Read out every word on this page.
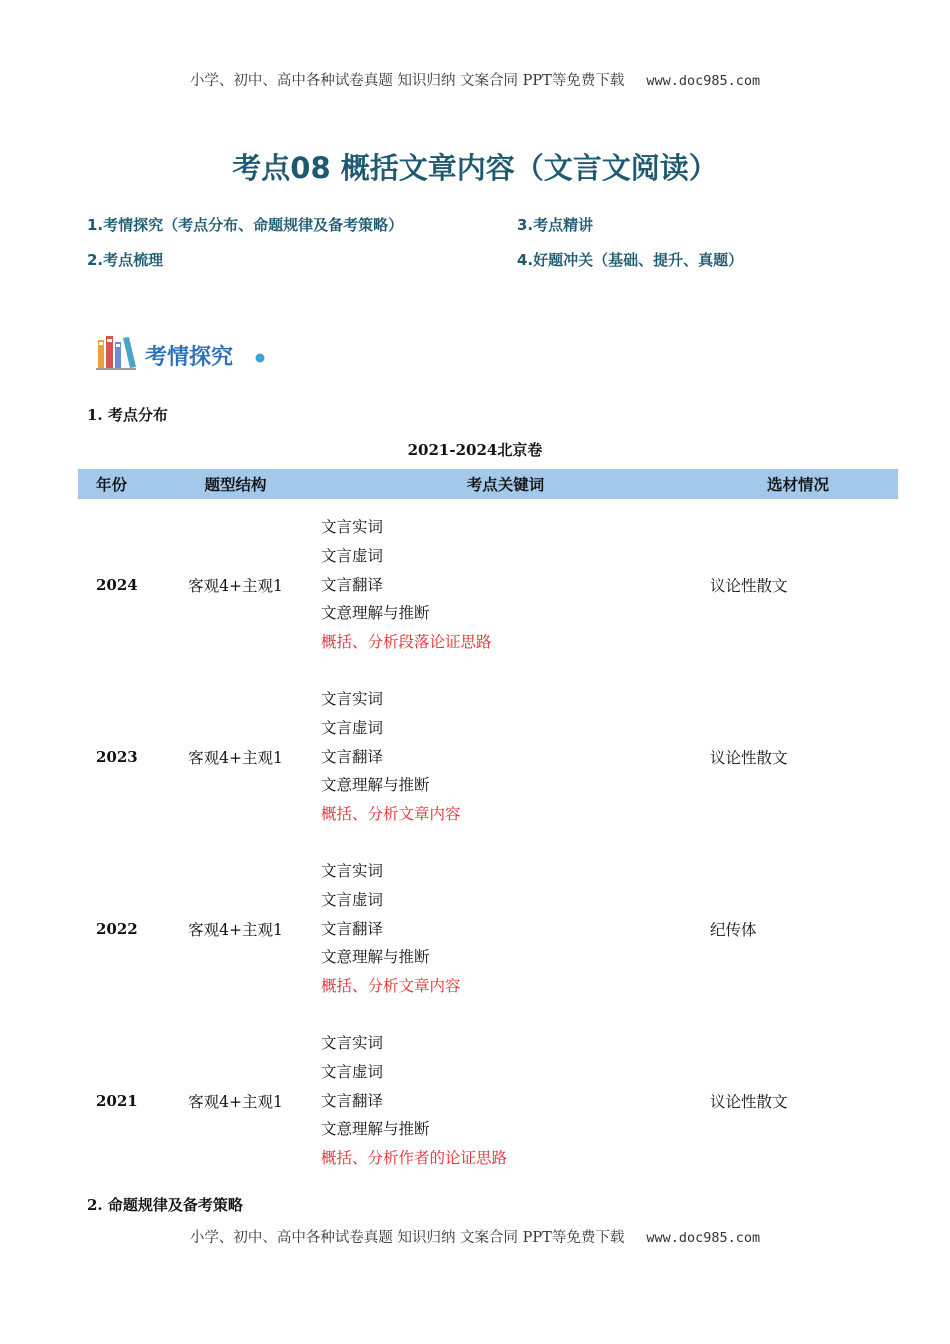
小学、初中、高中各种试卷真题 知识归纳 文案合同 PPT等免费下载 www.doc985.com
考点08 概括文章内容（文言文阅读）
1.考情探究（考点分布、命题规律及备考策略）	3.考点精讲
2.考点梳理	4.好题冲关（基础、提升、真题）
考情探究
1. 考点分布
2021-2024北京卷
年份	题型结构	考点关键词	选材情况
2024	客观4+主观1	文言实词
文言虚词
文言翻译
文意理解与推断
概括、分析段落论证思路	议论性散文
2023	客观4+主观1	文言实词
文言虚词
文言翻译
文意理解与推断
概括、分析文章内容	议论性散文
2022	客观4+主观1	文言实词
文言虚词
文言翻译
文意理解与推断
概括、分析文章内容	纪传体
2021	客观4+主观1	文言实词
文言虚词
文言翻译
文意理解与推断
概括、分析作者的论证思路	议论性散文
2. 命题规律及备考策略
小学、初中、高中各种试卷真题 知识归纳 文案合同 PPT等免费下载 www.doc985.com
